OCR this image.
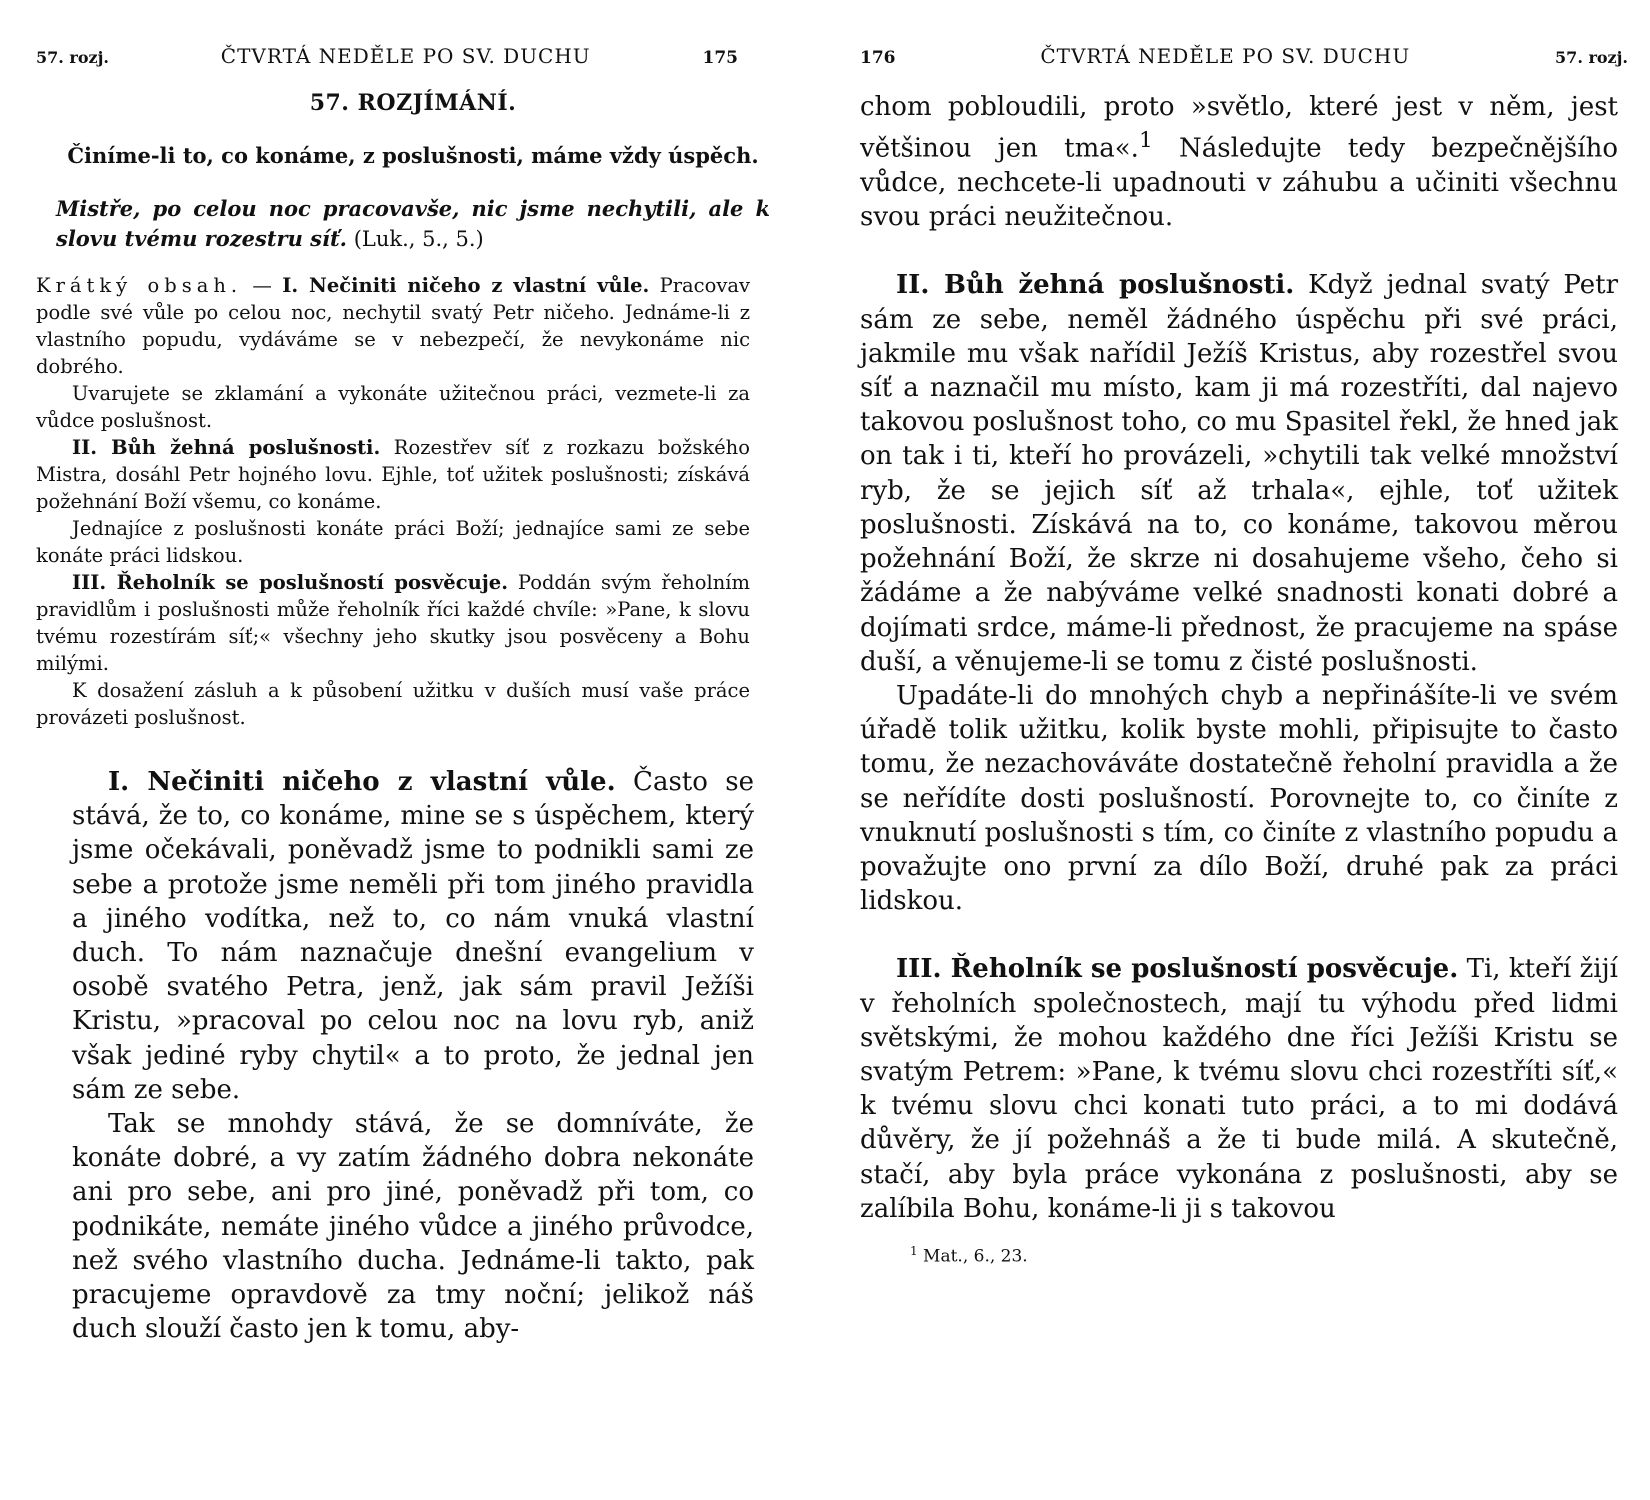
57. rozj.	ČTVRTÁ NEDĚLE PO SV. DUCHU	175
57. ROZJÍMÁNÍ.
Činíme-li to, co konáme, z poslušnosti, máme vždy úspěch.
Mistře, po celou noc pracovavše, nic jsme nechytili, ale k slovu tvému rozestru síť. (Luk., 5., 5.)

Krátký obsah. — I. Nečiniti ničeho z vlastní vůle. Pracovav podle své vůle po celou noc, nechytil svatý Petr ničeho. Jednáme-li z vlastního popudu, vydáváme se v nebezpečí, že nevykonáme nic dobrého.

Uvarujete se zklamání a vykonáte užitečnou práci, vezmete-li za vůdce poslušnost.

II. Bůh žehná poslušnosti. Rozestřev síť z rozkazu božského Mistra, dosáhl Petr hojného lovu. Ejhle, toť užitek poslušnosti; získává požehnání Boží všemu, co konáme.

Jednajíce z poslušnosti konáte práci Boží; jednajíce sami ze sebe konáte práci lidskou.

III. Řeholník se poslušností posvěcuje. Poddán svým řeholním pravidlům i poslušnosti může řeholník říci každé chvíle: »Pane, k slovu tvému rozestírám síť;« všechny jeho skutky jsou posvěceny a Bohu milými.

K dosažení zásluh a k působení užitku v duších musí vaše práce provázeti poslušnost.

I. Nečiniti ničeho z vlastní vůle. Často se stává, že to, co konáme, mine se s úspěchem, který jsme očekávali, poněvadž jsme to podnikli sami ze sebe a protože jsme neměli při tom jiného pravidla a jiného vodítka, než to, co nám vnuká vlastní duch. To nám naznačuje dnešní evangelium v osobě svatého Petra, jenž, jak sám pravil Ježíši Kristu, »pracoval po celou noc na lovu ryb, aniž však jediné ryby chytil« a to proto, že jednal jen sám ze sebe.

Tak se mnohdy stává, že se domníváte, že konáte dobré, a vy zatím žádného dobra nekonáte ani pro sebe, ani pro jiné, poněvadž při tom, co podnikáte, nemáte jiného vůdce a jiného průvodce, než svého vlastního ducha. Jednáme-li takto, pak pracujeme opravdově za tmy noční; jelikož náš duch slouží často jen k tomu, aby-

176	ČTVRTÁ NEDĚLE PO SV. DUCHU	57. rozj.

chom pobloudili, proto »světlo, které jest v něm, jest většinou jen tma«.$^1$ Následujte tedy bezpečnějšího vůdce, nechcete-li upadnouti v záhubu a učiniti všechnu svou práci neužitečnou.

II. Bůh žehná poslušnosti. Když jednal svatý Petr sám ze sebe, neměl žádného úspěchu při své práci, jakmile mu však nařídil Ježíš Kristus, aby rozestřel svou síť a naznačil mu místo, kam ji má rozestříti, dal najevo takovou poslušnost toho, co mu Spasitel řekl, že hned jak on tak i ti, kteří ho provázeli, »chytili tak velké množství ryb, že se jejich síť až trhala«, ejhle, toť užitek poslušnosti. Získává na to, co konáme, takovou měrou požehnání Boží, že skrze ni dosahujeme všeho, čeho si žádáme a že nabýváme velké snadnosti konati dobré a dojímati srdce, máme-li přednost, že pracujeme na spáse duší, a věnujeme-li se tomu z čisté poslušnosti.

Upadáte-li do mnohých chyb a nepřinášíte-li ve svém úřadě tolik užitku, kolik byste mohli, připisujte to často tomu, že nezachováváte dostatečně řeholní pravidla a že se neřídíte dosti poslušností. Porovnejte to, co činíte z vnuknutí poslušnosti s tím, co činíte z vlastního popudu a považujte ono první za dílo Boží, druhé pak za práci lidskou.

III. Řeholník se poslušností posvěcuje. Ti, kteří žijí v řeholních společnostech, mají tu výhodu před lidmi světskými, že mohou každého dne říci Ježíši Kristu se svatým Petrem: »Pane, k tvému slovu chci rozestříti síť,« k tvému slovu chci konati tuto práci, a to mi dodává důvěry, že jí požehnáš a že ti bude milá. A skutečně, stačí, aby byla práce vykonána z poslušnosti, aby se zalíbila Bohu, konáme-li ji s takovou

$^1$ Mat., 6., 23.
